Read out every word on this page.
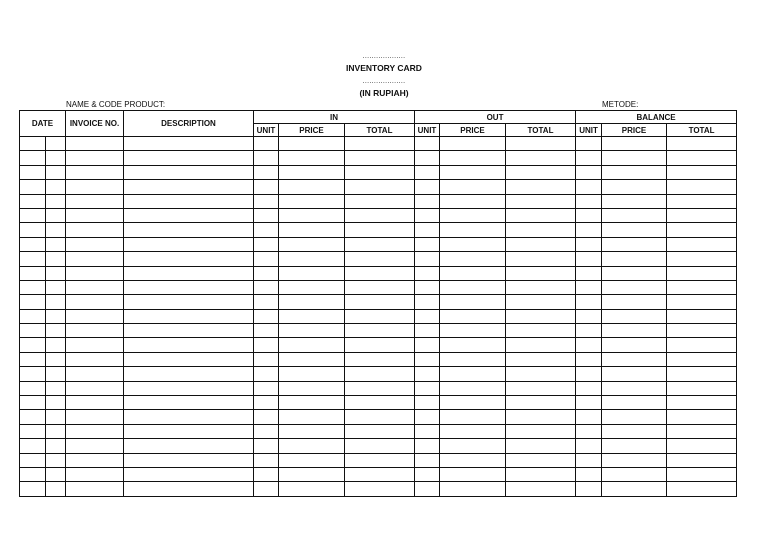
...................
INVENTORY CARD
...................
(IN RUPIAH)
NAME & CODE PRODUCT:	METODE:
DATE		INVOICE NO.	DESCRIPTION	IN			OUT			BALANCE		
				UNIT	PRICE	TOTAL	UNIT	PRICE	TOTAL	UNIT	PRICE	TOTAL
